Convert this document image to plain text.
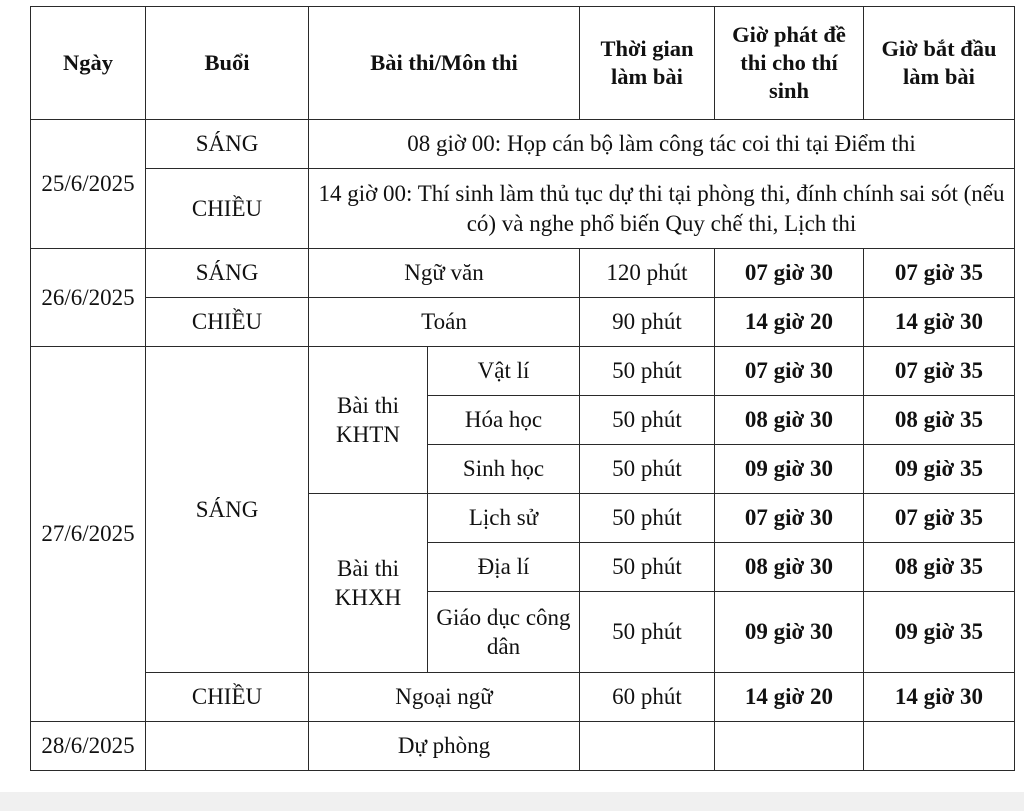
Ngày	Buổi	Bài thi/Môn thi		Thời gian làm bài	Giờ phát đề thi cho thí sinh	Giờ bắt đầu làm bài
25/6/2025	SÁNG	08 giờ 00: Họp cán bộ làm công tác coi thi tại Điểm thi				
	CHIỀU	14 giờ 00: Thí sinh làm thủ tục dự thi tại phòng thi, đính chính sai sót (nếu có) và nghe phổ biến Quy chế thi, Lịch thi				
26/6/2025	SÁNG	Ngữ văn		120 phút	07 giờ 30	07 giờ 35
	CHIỀU	Toán		90 phút	14 giờ 20	14 giờ 30
27/6/2025	SÁNG	Bài thi KHTN	Vật lí	50 phút	07 giờ 30	07 giờ 35
			Hóa học	50 phút	08 giờ 30	08 giờ 35
			Sinh học	50 phút	09 giờ 30	09 giờ 35
		Bài thi KHXH	Lịch sử	50 phút	07 giờ 30	07 giờ 35
			Địa lí	50 phút	08 giờ 30	08 giờ 35
			Giáo dục công dân	50 phút	09 giờ 30	09 giờ 35
	CHIỀU	Ngoại ngữ		60 phút	14 giờ 20	14 giờ 30
28/6/2025		Dự phòng				
